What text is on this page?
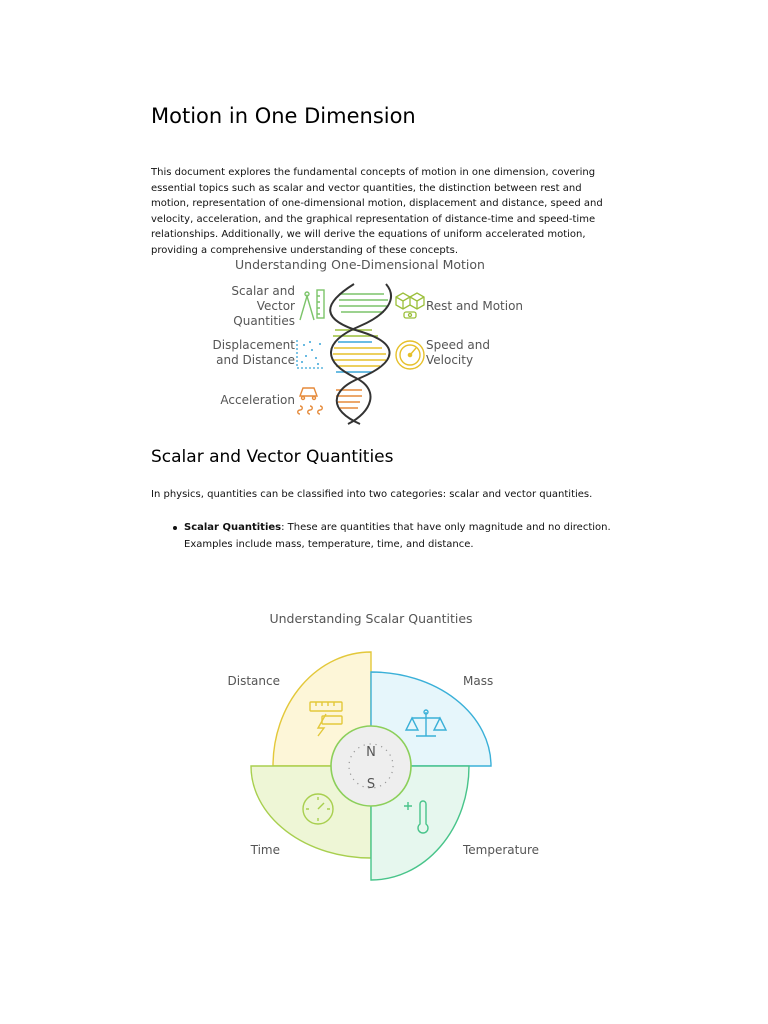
Motion in One Dimension

This document explores the fundamental concepts of motion in one dimension, covering essential topics such as scalar and vector quantities, the distinction between rest and motion, representation of one-dimensional motion, displacement and distance, speed and velocity, acceleration, and the graphical representation of distance-time and speed-time relationships. Additionally, we will derive the equations of uniform accelerated motion, providing a comprehensive understanding of these concepts.

Understanding One-Dimensional Motion
Scalar and
Vector
Quantities
Displacement
and Distance
Acceleration
Rest and Motion
Speed and
Velocity
Understanding Scalar Quantities
Distance	Mass
Time	Temperature
N
S
Scalar and Vector Quantities

In physics, quantities can be classified into two categories: scalar and vector quantities.

Scalar Quantities: These are quantities that have only magnitude and no direction. Examples include mass, temperature, time, and distance.
